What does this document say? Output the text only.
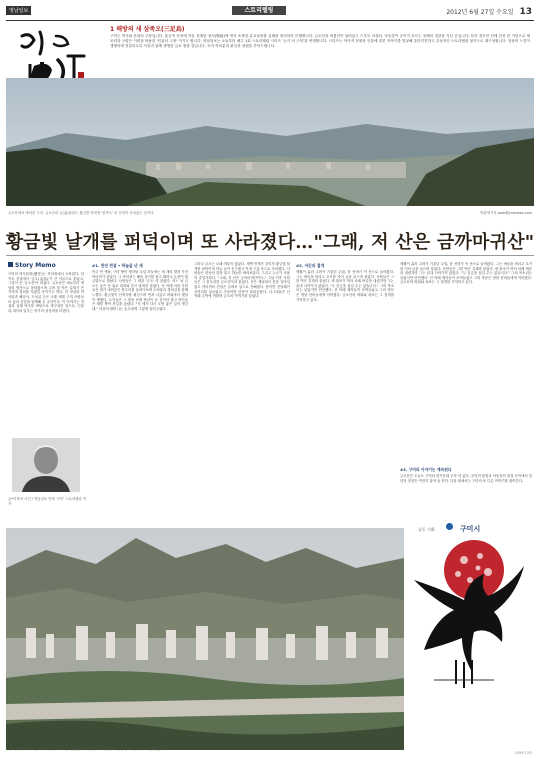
영남일보	스토리텔링	2012년 6월 27일 수요일 13
1 해방의 새 삼족오(三足烏)
구미는 역사와 문화의 고장입니다. 통공적 산처에 자유 천계된 성지(聖地)에 연지 소중한 유교문화를 유례를 정리하지 본행합니다. 금오산과 버룡산이 날려있으 드루모 마을되, 낙동강이 공이커 흐르는 천혜의 경관을 지닌 곳입니다. 특히 경부선 선에 천선 한 기한으로 제조력과 구령은 이력을 바용한 '민관의 고장' 이기도 합니다. 영남일보는 오늘부터 배주 1회 스토리텔링 시리즈 '눈카 의 구미'를 연재합니다. 시리즈는 역사적 현장과 인물에 얽힌 이야기를 발굴해 흥미진진하고 감성적인 스토리텔링 형식으로 재구성합니다. 현장의 느낌이 생생하게 전달되도록 사진과 함께 생생한 글로 엮을 것입니다. 독자 여러분의 관심과 성원을 부탁드립니다.
금오산에서 바라본 구미. 금오산의 금(金)을날는 황금발 까마귀 '삼족오' 의 전설이 서려있는 곳이다.	박관영기자 park@ynenews.com
황금빛 날개를 퍼덕이며 또 사라졌다…"그래, 저 산은 금까마귀산"
Story Memo
구미의 역사문화(歷史)는 까마귀에서 시작된다. 삼족오 전설에서 '금오(金烏)'가 산 이름으로 붙었고, 그것이 곧 '금오산'이 되었다. 금오산은 예로부터 영남의 명산으로 꼽혀왔으며 고려 말 야은 길재가 은거하며 절의를 지켰던 곳이기도 하다. 산 정상의 약사암과 해운사, 도선굴 등은 오랜 세월 구미 사람들의 삶과 신앙을 함께해 온 공간이다. 이 이야기는 전설과 실제 역사를 바탕으로 재구성한 것으로, 인물과 대사의 일부는 작가의 상상력을 더했다.
글•이하석 시인 / 영남일보 연재 '구미' 스토리텔링 작가
#1. 천년 전설 • 하늘을 난 새
아주 먼 옛날, 구미 땅이 생겨날 무렵 하늘에는 세 개의 발을 가진 까마귀가 살았다. 그 까마귀는 해의 정기를 품고 태어나 온몸이 황금빛으로 빛났다. 사람들은 그 새를 '금오' 라 불렀다. 어느 날 금오는 높은 산 위로 내려와 잠시 날개를 접었다. 산 아래 마을 사람들은 새가 내려앉은 봉우리를 올려다보며 두려움과 경외심을 함께 느꼈다. 황금빛이 산허리를 휘감으며 번져 나갔고 바위마다 햇살이 맺혔다. 노인들은 그 빛을 보며 풍년이 들 것이라 했고 아이들은 새를 쫓아 산길을 올랐다. "저 새가 다시 오면 좋은 일이 생긴대." 마을의 할머니는 손주에게 그렇게 일러주었다.
그러나 금오는 오래 머물지 않았다. 새벽 안개가 걷히자 황금빛 날개를 퍼덕이며 하늘 높이 솟구쳤고 이내 구름 속으로 사라졌다. 사람들은 한동안 말을 잃고 하늘만 바라보았다. 그리고 누군가 조용히 중얼거렸다. "그래, 저 산은 금까마귀산이다." 그날 이후 사람들은 그 봉우리를 금오산이라 불렀다. 산은 계절마다 옷을 갈아입었고 까마귀의 전설은 입에서 입으로 전해졌다. 봄이면 진달래가 산허리를 물들였고 가을이면 단풍이 불타올랐다. 나그네들은 산 아래 주막에 머물며 금오의 이야기를 들었다.
#2. 야은의 절개
세월이 흘러 고려가 기울던 무렵, 한 선비가 이 산으로 들어왔다. 그는 벼슬을 버리고 초가를 지어 글을 읽으며 살았다. 사람들은 그를 야은 길재라 불렀다. 새 왕조가 여러 차례 벼슬을 내렸지만 그는 끝내 나아가지 않았다. "두 임금을 섬길 수는 없습니다." 그의 목소리는 낮았지만 단단했다. 산 아래 제자들이 모여들었고 그의 학문은 영남 선비들에게 이어졌다. 금오산의 바위와 폭포는 그 절개를 기억하고 있다.
세월이 흘러 고려가 기울던 무렵, 한 선비가 이 산으로 들어왔다. 그는 벼슬을 버리고 초가를 지어 글을 읽으며 살았다. 사람들은 그를 야은 길재라 불렀다. 새 왕조가 여러 차례 벼슬을 내렸지만 그는 끝내 나아가지 않았다. "두 임금을 섬길 수는 없습니다." 그의 목소리는 낮았지만 단단했다. 산 아래 제자들이 모여들었고 그의 학문은 영남 선비들에게 이어졌다. 금오산의 바위와 폭포는 그 절개를 기억하고 있다.
#3. 구미의 이야기는 계속된다
금오산은 오늘도 구미의 한가운데 우뚝 서 있다. 공단의 불빛과 낙동강의 물결 사이에서 천년의 전설은 여전히 살아 숨 쉰다. 다음 회에서는 구미의 또 다른 이야기를 찾아간다.
공동 기획	구미시
금오산에서 내려다본 구미시 전경. 구미는 황금빛 까마귀 삼족오의 전설이 깃든 금오산을 품고 성장해 왔다.
CMYK 13면
